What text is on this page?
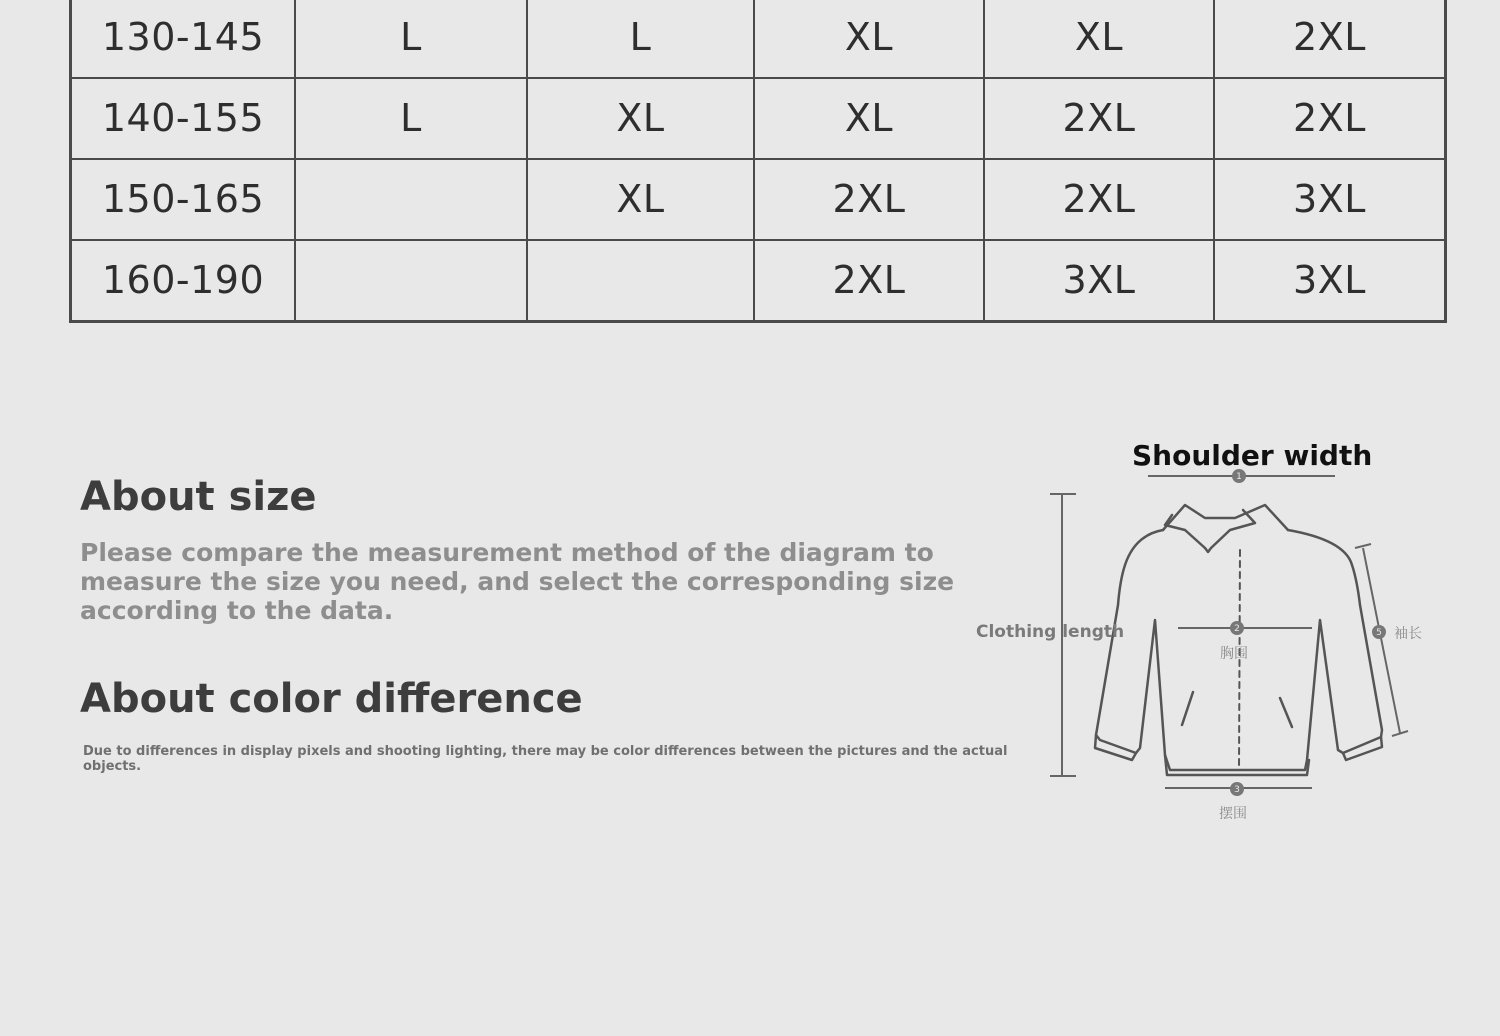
130-145	L	L	XL	XL	2XL
140-155	L	XL	XL	2XL	2XL
150-165		XL	2XL	2XL	3XL
160-190			2XL	3XL	3XL
About size

Please compare the measurement method of the diagram to measure the size you need, and select the corresponding size according to the data.

About color difference

Due to differences in display pixels and shooting lighting, there may be color differences between the pictures and the actual objects.

1
2
3
5
Shoulder width
Clothing length
胸围
袖长
摆围
